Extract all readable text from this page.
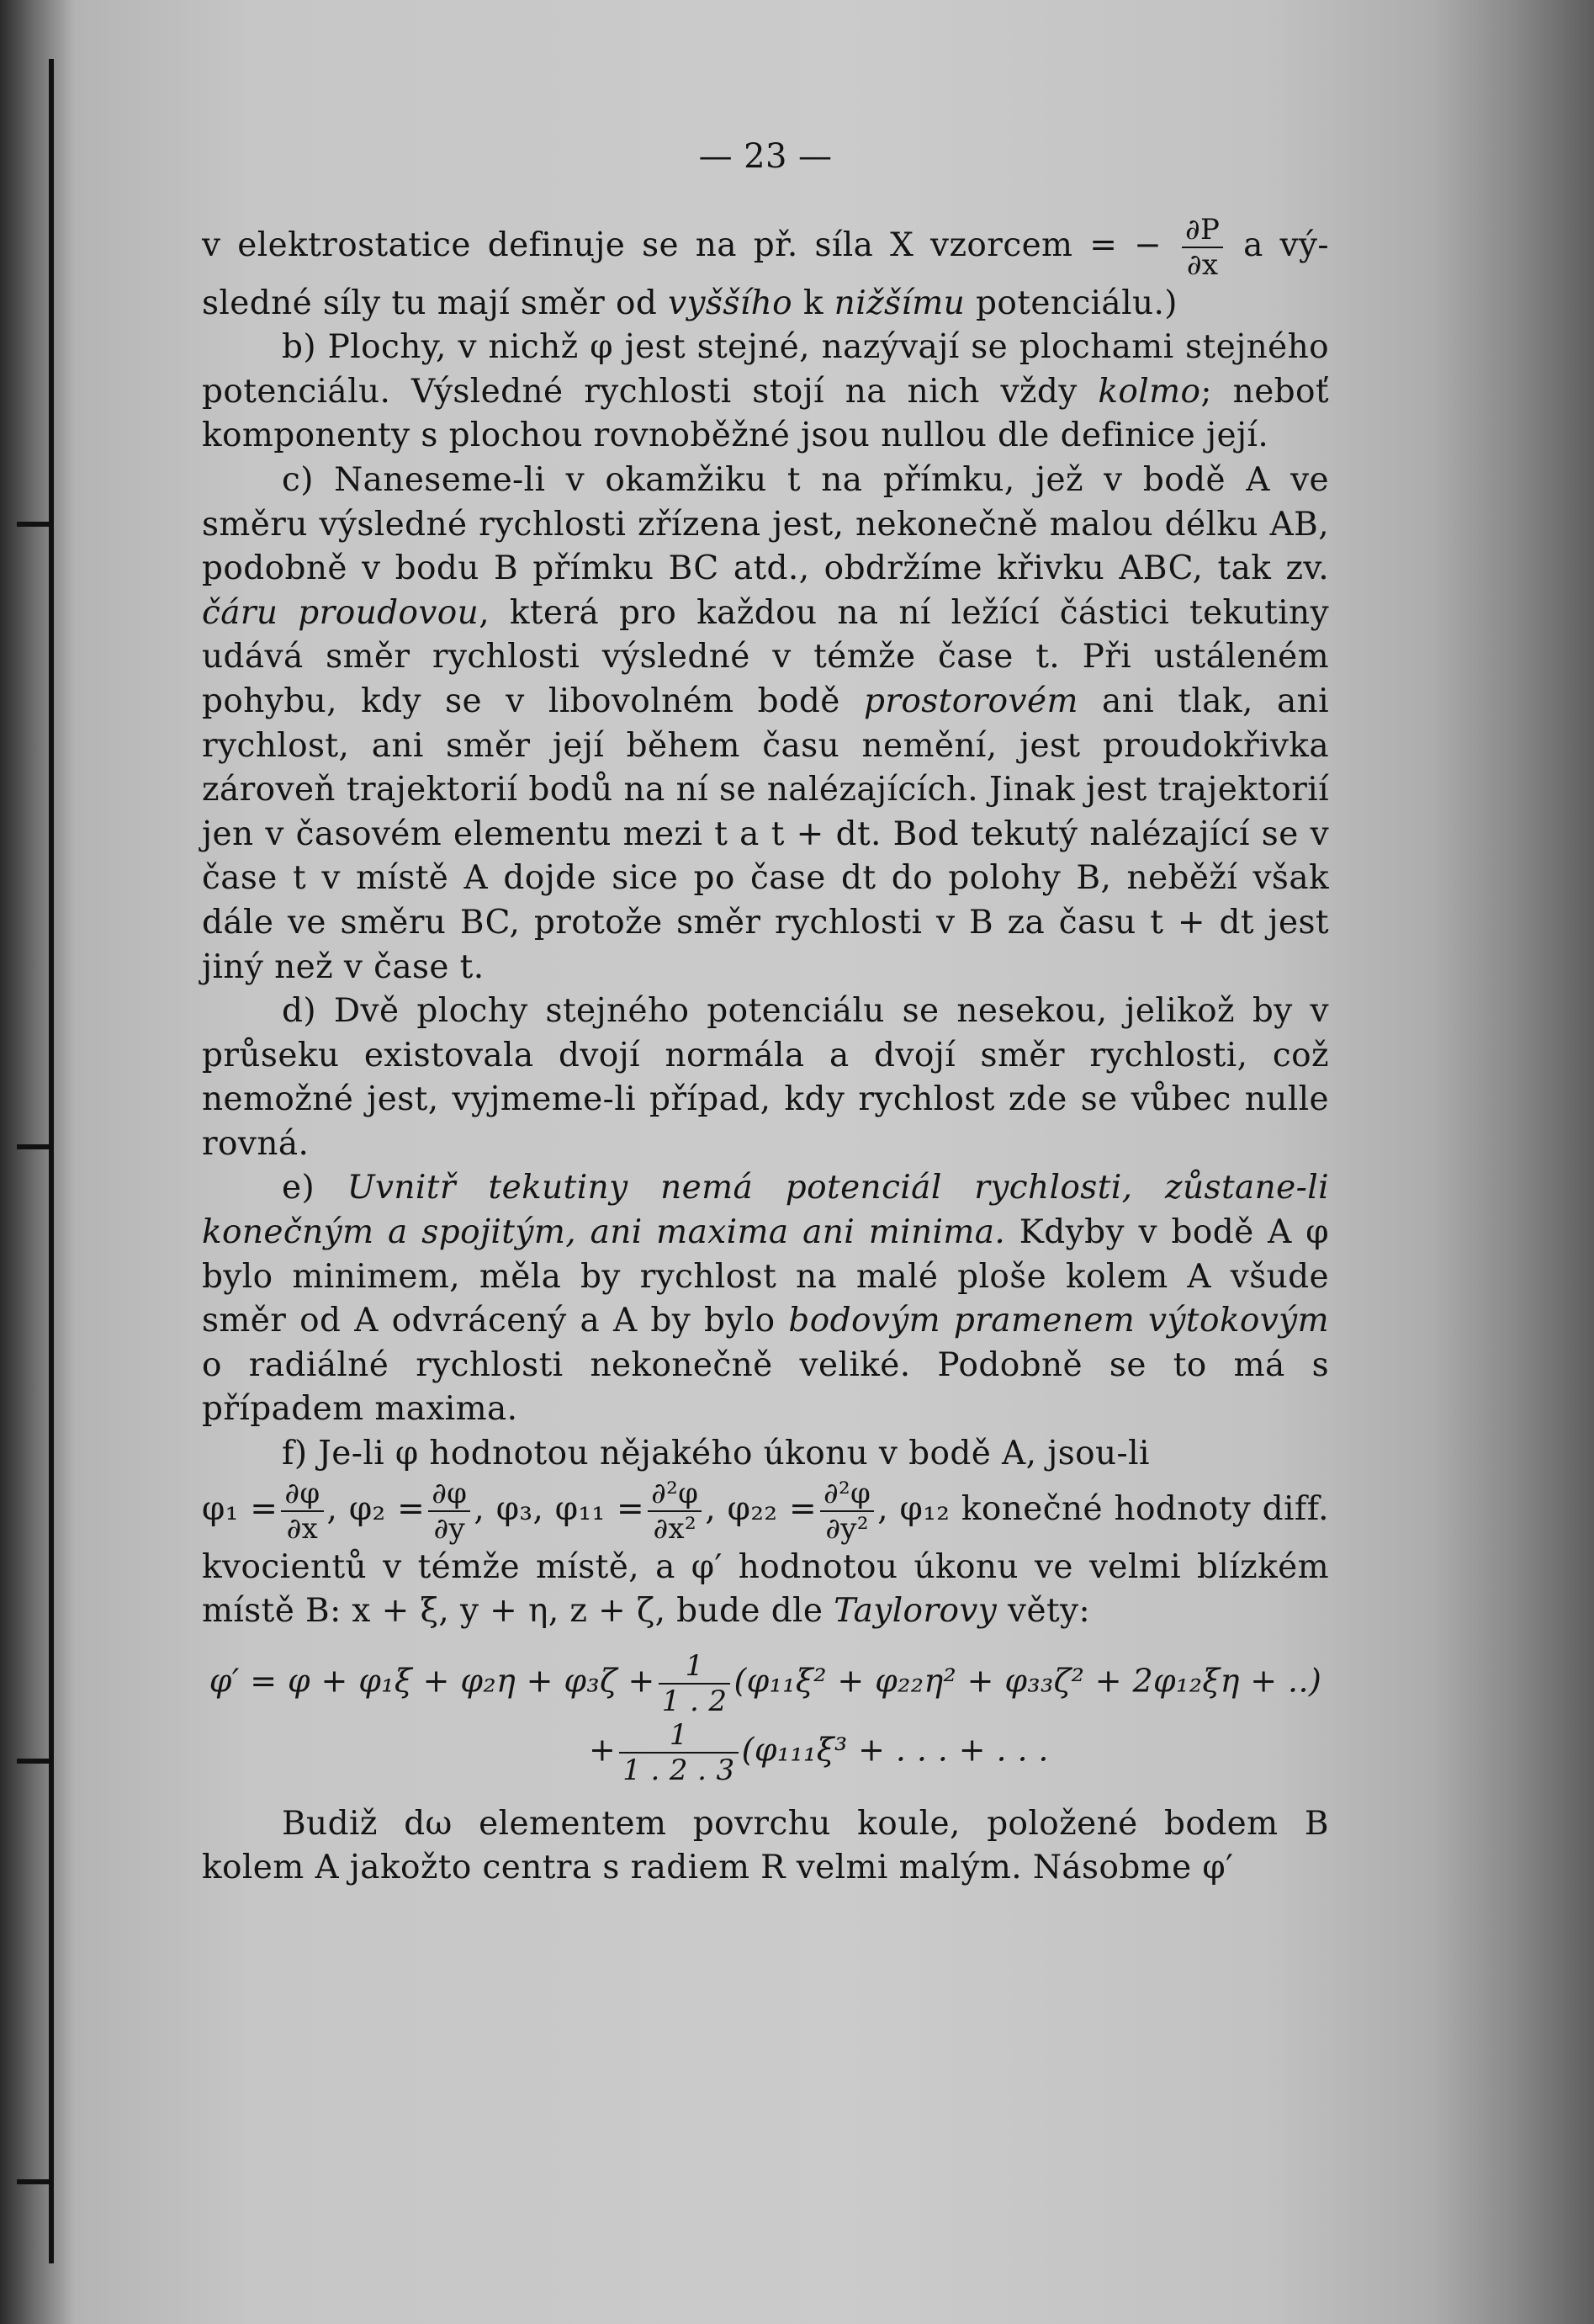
— 23 —

v elektrostatice definuje se na př. síla X vzorcem = − $\frac{\partial P}{\partial x}$ a vý-sledné síly tu mají směr od vyššího k nižšímu potenciálu.)

b) Plochy, v nichž φ jest stejné, nazývají se plochami stejného potenciálu. Výsledné rychlosti stojí na nich vždy kolmo; neboť komponenty s plochou rovnoběžné jsou nullou dle definice její.

c) Naneseme-li v okamžiku t na přímku, jež v bodě A ve směru výsledné rychlosti zřízena jest, nekonečně malou délku AB, podobně v bodu B přímku BC atd., obdržíme křivku ABC, tak zv. čáru proudovou, která pro každou na ní ležící částici tekutiny udává směr rychlosti výsledné v témže čase t. Při ustáleném pohybu, kdy se v libovolném bodě prostorovém ani tlak, ani rychlost, ani směr její během času nemění, jest proudokřivka zároveň trajektorií bodů na ní se nalézajících. Jinak jest trajektorií jen v časovém elementu mezi t a t + dt. Bod tekutý nalézající se v čase t v místě A dojde sice po čase dt do polohy B, neběží však dále ve směru BC, protože směr rychlosti v B za času t + dt jest jiný než v čase t.

d) Dvě plochy stejného potenciálu se nesekou, jelikož by v průseku existovala dvojí normála a dvojí směr rychlosti, což nemožné jest, vyjmeme-li případ, kdy rychlost zde se vůbec nulle rovná.

e) Uvnitř tekutiny nemá potenciál rychlosti, zůstane-li konečným a spojitým, ani maxima ani minima. Kdyby v bodě A φ bylo minimem, měla by rychlost na malé ploše kolem A všude směr od A odvrácený a A by bylo bodovým pramenem výtokovým o radiálné rychlosti nekonečně veliké. Podobně se to má s případem maxima.

f) Je-li φ hodnotou nějakého úkonu v bodě A, jsou-li

$\varphi_1 = \frac{\partial\varphi}{\partial x}$ , $\varphi_2 = \frac{\partial\varphi}{\partial y}$ , φ₃, $\varphi_{11} = \frac{\text{∂²φ}}{\text{∂x²}}$ , $\varphi_{22} = \frac{\text{∂²φ}}{\text{∂y²}}$ , φ₁₂ konečné hodnoty diff. kvocientů v témže místě, a φ′ hodnotou úkonu ve velmi blízkém místě B: x + ξ, y + η, z + ζ, bude dle Taylorovy věty:

$\varphi' = \varphi + \varphi_1\xi + \varphi_2\eta + \varphi_3\zeta + \frac{1}{1 . 2} (\varphi_{11}\xi^2 + \varphi_{22}\eta^2 + \varphi_{33}\zeta^2 + 2\varphi_{12}\xi\eta$ + ..)
+ $\frac{1}{1 . 2 . 3} (\varphi_{111}\xi^3$ + . . . + . . .

Budiž dω elementem povrchu koule, položené bodem B kolem A jakožto centra s radiem R velmi malým. Násobme φ′
